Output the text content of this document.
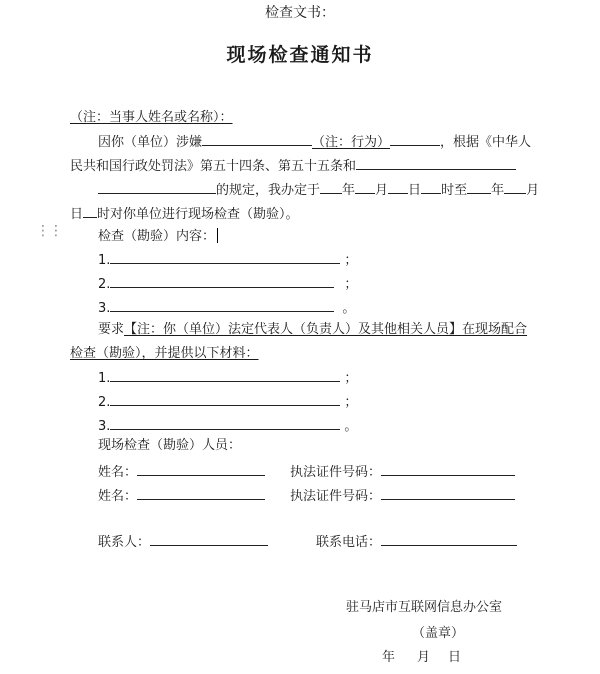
检查文书：
现场检查通知书
（注：当事人姓名或名称）：
因你（单位）涉嫌	（注：行为）	，根据《中华人
民共和国行政处罚法》第五十四条、第五十五条和
的规定，我办定于 年 月 日 时至 年 月
日 时对你单位进行现场检查（勘验）。
⋮⋮	检查（勘验）内容：
1.	；
2.	；
3.	。
要求【注：你（单位）法定代表人（负责人）及其他相关人员】在现场配合
检查（勘验），并提供以下材料：
1.	；
2.	；
3.	。
现场检查（勘验）人员：
姓名：	执法证件号码：
姓名：	执法证件号码：
联系人：	联系电话：
驻马店市互联网信息办公室
（盖章）
年 月 日
